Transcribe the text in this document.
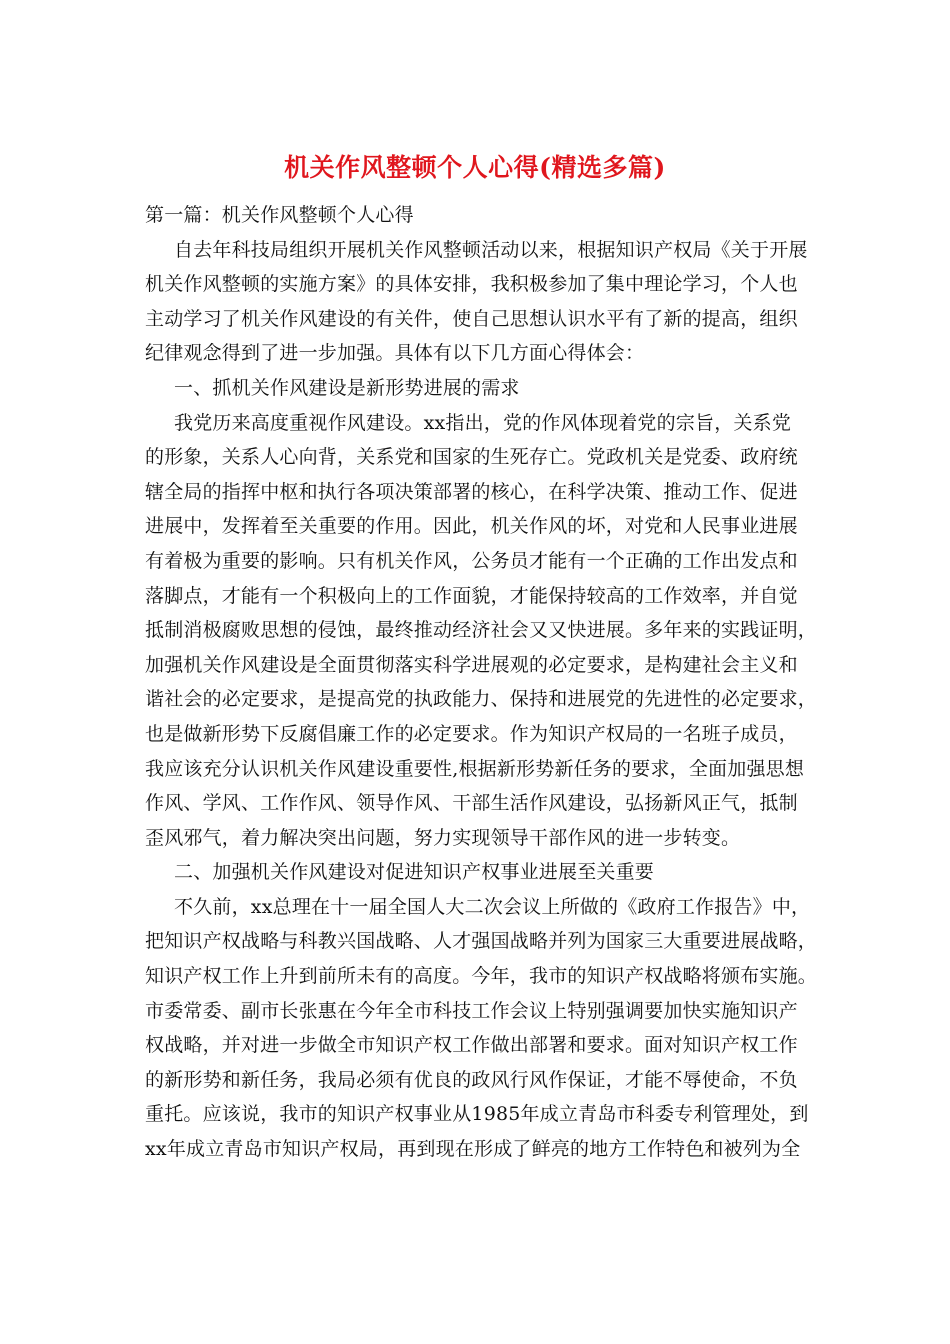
机关作风整顿个人心得(精选多篇)
第一篇：机关作风整顿个人心得
自去年科技局组织开展机关作风整顿活动以来，根据知识产权局《关于开展
机关作风整顿的实施方案》的具体安排，我积极参加了集中理论学习，个人也
主动学习了机关作风建设的有关件，使自己思想认识水平有了新的提高，组织
纪律观念得到了进一步加强。具体有以下几方面心得体会：
一、抓机关作风建设是新形势进展的需求
我党历来高度重视作风建设。xx指出，党的作风体现着党的宗旨，关系党
的形象，关系人心向背，关系党和国家的生死存亡。党政机关是党委、政府统
辖全局的指挥中枢和执行各项决策部署的核心，在科学决策、推动工作、促进
进展中，发挥着至关重要的作用。因此，机关作风的坏，对党和人民事业进展
有着极为重要的影响。只有机关作风，公务员才能有一个正确的工作出发点和
落脚点，才能有一个积极向上的工作面貌，才能保持较高的工作效率，并自觉
抵制消极腐败思想的侵蚀，最终推动经济社会又又快进展。多年来的实践证明，
加强机关作风建设是全面贯彻落实科学进展观的必定要求，是构建社会主义和
谐社会的必定要求，是提高党的执政能力、保持和进展党的先进性的必定要求，
也是做新形势下反腐倡廉工作的必定要求。作为知识产权局的一名班子成员，
我应该充分认识机关作风建设重要性,根据新形势新任务的要求，全面加强思想
作风、学风、工作作风、领导作风、干部生活作风建设，弘扬新风正气，抵制
歪风邪气，着力解决突出问题，努力实现领导干部作风的进一步转变。
二、加强机关作风建设对促进知识产权事业进展至关重要
不久前，xx总理在十一届全国人大二次会议上所做的《政府工作报告》中，
把知识产权战略与科教兴国战略、人才强国战略并列为国家三大重要进展战略，
知识产权工作上升到前所未有的高度。今年，我市的知识产权战略将颁布实施。
市委常委、副市长张惠在今年全市科技工作会议上特别强调要加快实施知识产
权战略，并对进一步做全市知识产权工作做出部署和要求。面对知识产权工作
的新形势和新任务，我局必须有优良的政风行风作保证，才能不辱使命，不负
重托。应该说，我市的知识产权事业从1985年成立青岛市科委专利管理处，到
xx年成立青岛市知识产权局，再到现在形成了鲜亮的地方工作特色和被列为全
